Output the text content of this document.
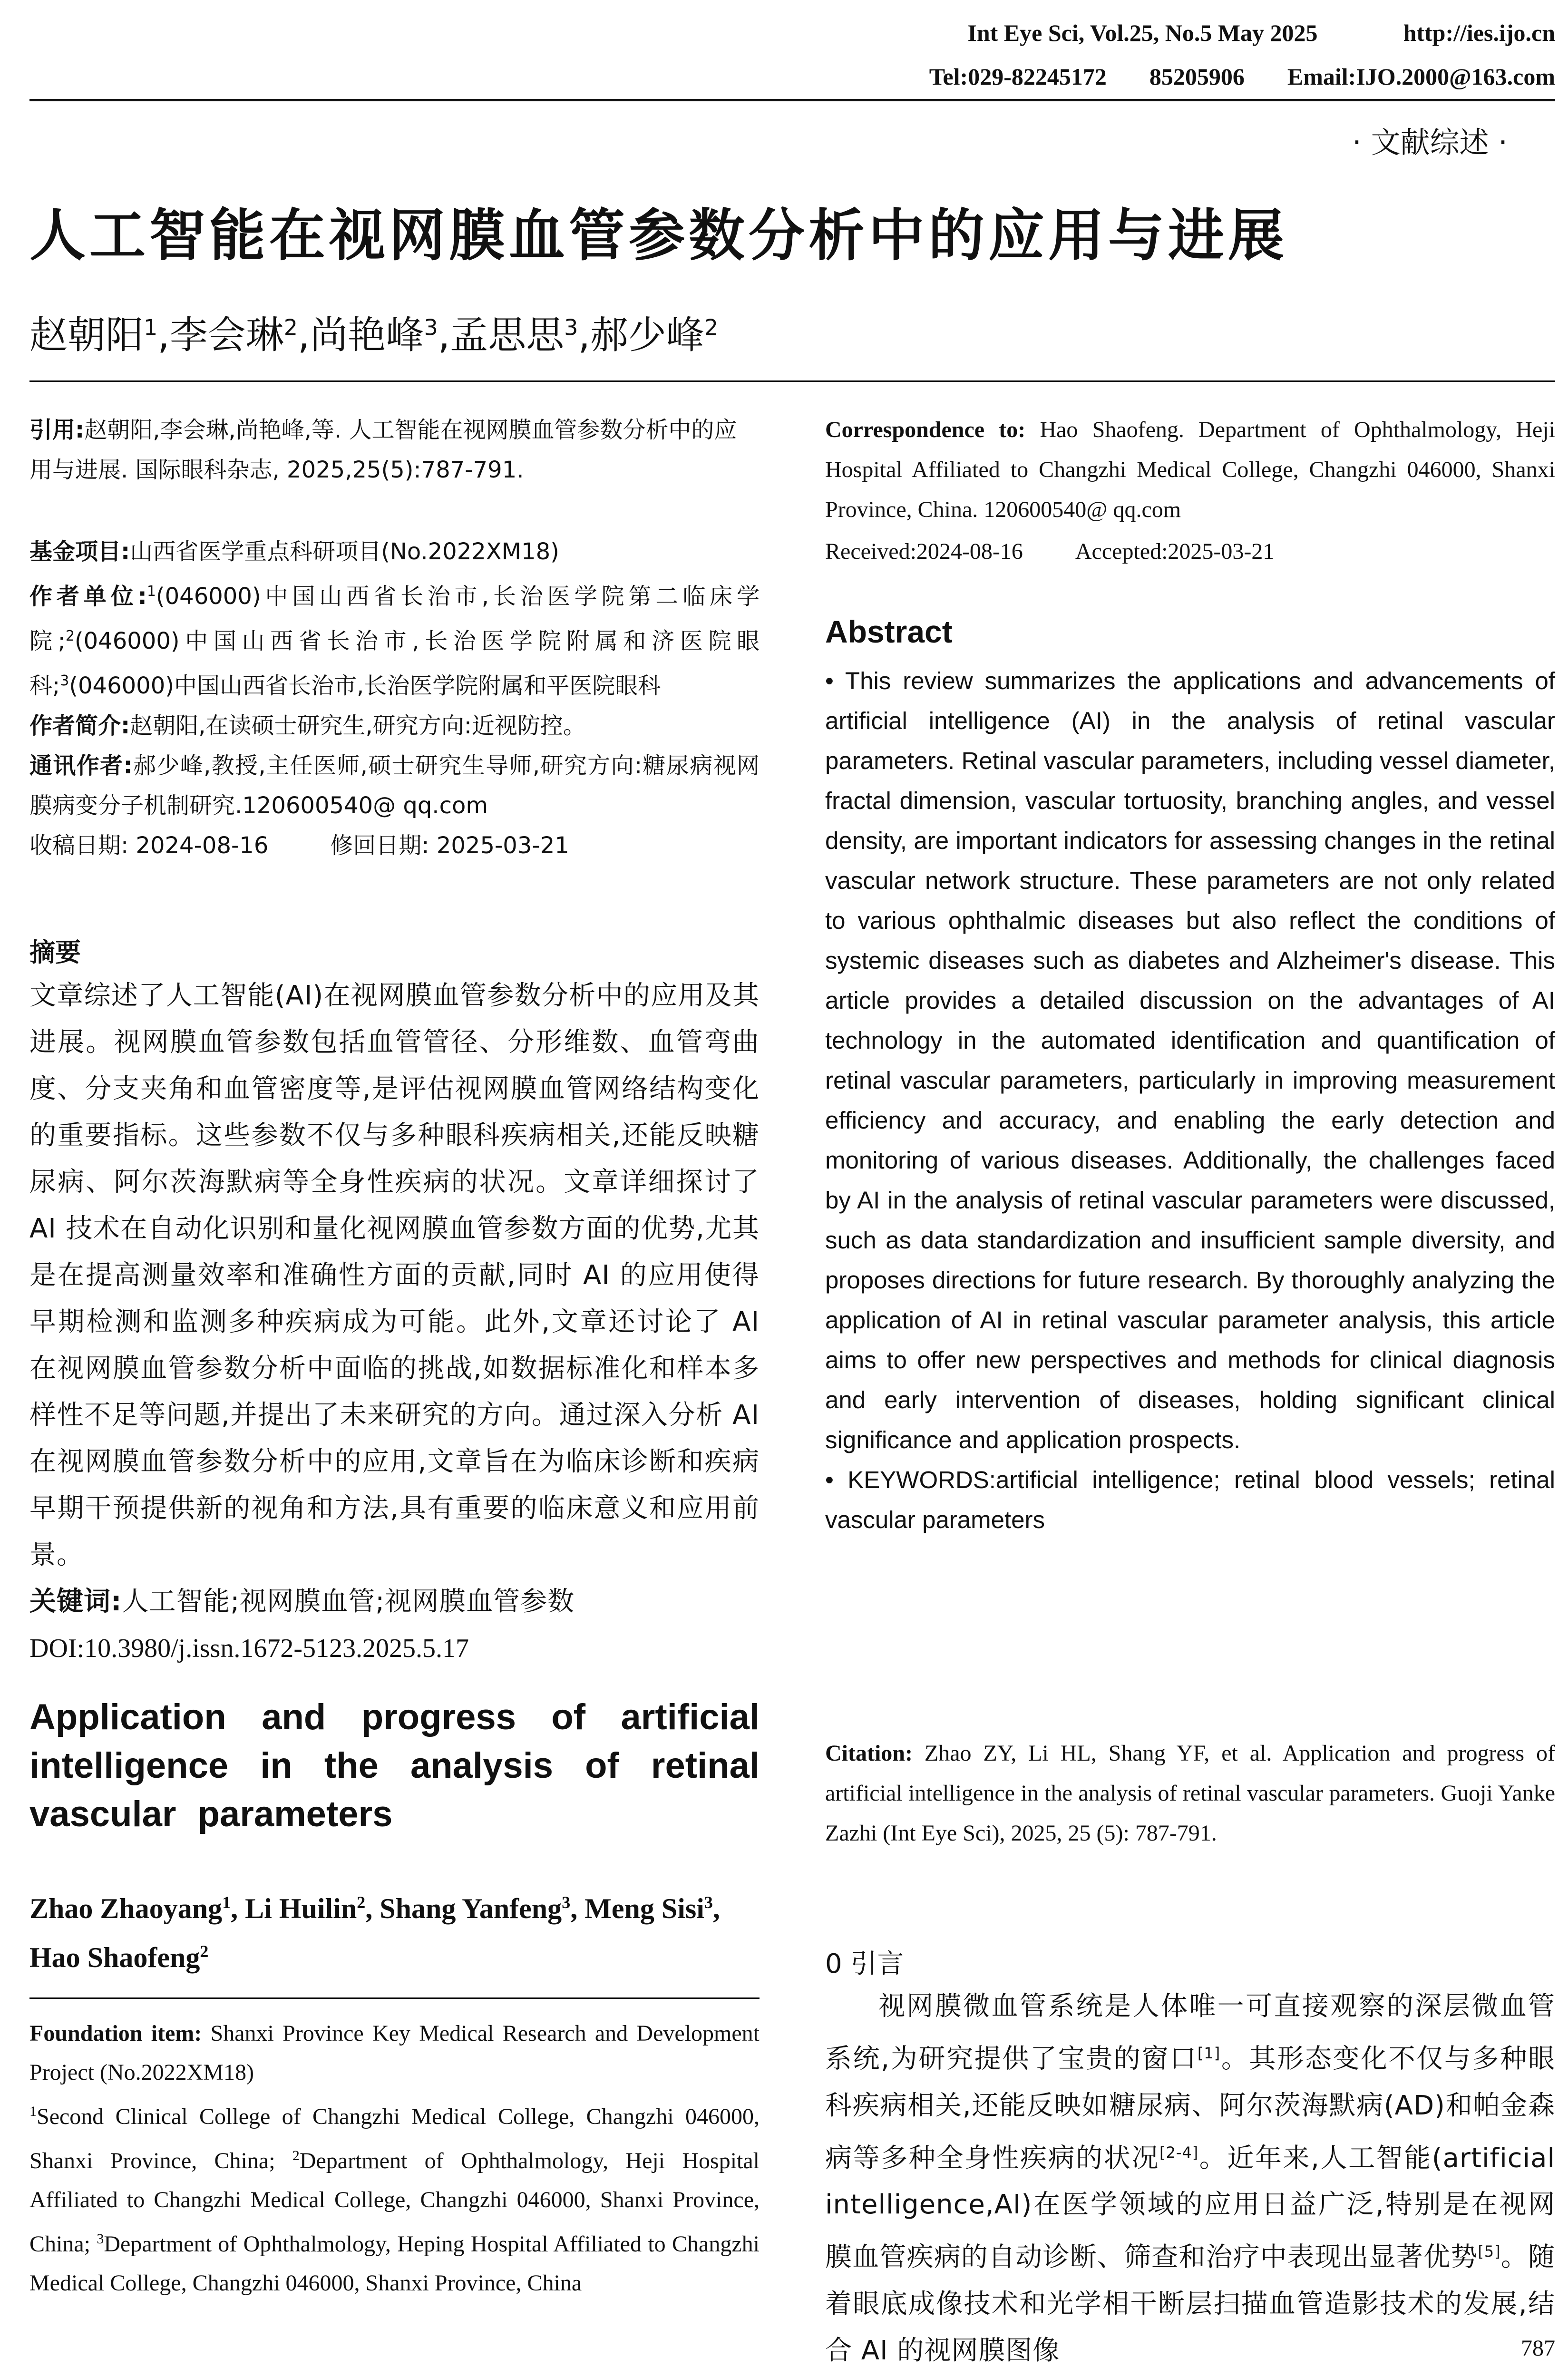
Int Eye Sci, Vol.25, No.5 May 2025	http://ies.ijo.cn
Tel:029-82245172 85205906 Email:IJO.2000@163.com
· 文献综述 ·
人工智能在视网膜血管参数分析中的应用与进展
赵朝阳$^1$,李会琳$^2$,尚艳峰$^3$,孟思思$^3$,郝少峰$^2$
引用:赵朝阳,李会琳,尚艳峰,等. 人工智能在视网膜血管参数分析中的应用与进展. 国际眼科杂志, 2025,25(5):787-791.

基金项目:山西省医学重点科研项目(No.2022XM18)

作者单位:$^1$(046000)中国山西省长治市,长治医学院第二临床学院;$^2$(046000)中国山西省长治市,长治医学院附属和济医院眼科;$^3$(046000)中国山西省长治市,长治医学院附属和平医院眼科

作者简介:赵朝阳,在读硕士研究生,研究方向:近视防控。

通讯作者:郝少峰,教授,主任医师,硕士研究生导师,研究方向:糖尿病视网膜病变分子机制研究.120600540@ qq.com

收稿日期: 2024-08-16	修回日期: 2025-03-21

摘要

文章综述了人工智能(AI)在视网膜血管参数分析中的应用及其进展。视网膜血管参数包括血管管径、分形维数、血管弯曲度、分支夹角和血管密度等,是评估视网膜血管网络结构变化的重要指标。这些参数不仅与多种眼科疾病相关,还能反映糖尿病、阿尔茨海默病等全身性疾病的状况。文章详细探讨了 AI 技术在自动化识别和量化视网膜血管参数方面的优势,尤其是在提高测量效率和准确性方面的贡献,同时 AI 的应用使得早期检测和监测多种疾病成为可能。此外,文章还讨论了 AI 在视网膜血管参数分析中面临的挑战,如数据标准化和样本多样性不足等问题,并提出了未来研究的方向。通过深入分析 AI 在视网膜血管参数分析中的应用,文章旨在为临床诊断和疾病早期干预提供新的视角和方法,具有重要的临床意义和应用前景。

关键词:人工智能;视网膜血管;视网膜血管参数

DOI:10.3980/j.issn.1672-5123.2025.5.17

Application and progress of artificial intelligence in the analysis of retinal vascular parameters
Zhao Zhaoyang$^1$, Li Huilin$^2$, Shang Yanfeng$^3$, Meng Sisi$^3$, Hao Shaofeng$^2$
Foundation item: Shanxi Province Key Medical Research and Development Project (No.2022XM18)
$^1$Second Clinical College of Changzhi Medical College, Changzhi 046000, Shanxi Province, China; $^2$Department of Ophthalmology, Heji Hospital Affiliated to Changzhi Medical College, Changzhi 046000, Shanxi Province, China; $^3$Department of Ophthalmology, Heping Hospital Affiliated to Changzhi Medical College, Changzhi 046000, Shanxi Province, China
Correspondence to: Hao Shaofeng. Department of Ophthalmology, Heji Hospital Affiliated to Changzhi Medical College, Changzhi 046000, Shanxi Province, China. 120600540@ qq.com
Received:2024-08-16 Accepted:2025-03-21
Abstract

• This review summarizes the applications and advancements of artificial intelligence (AI) in the analysis of retinal vascular parameters. Retinal vascular parameters, including vessel diameter, fractal dimension, vascular tortuosity, branching angles, and vessel density, are important indicators for assessing changes in the retinal vascular network structure. These parameters are not only related to various ophthalmic diseases but also reflect the conditions of systemic diseases such as diabetes and Alzheimer's disease. This article provides a detailed discussion on the advantages of AI technology in the automated identification and quantification of retinal vascular parameters, particularly in improving measurement efficiency and accuracy, and enabling the early detection and monitoring of various diseases. Additionally, the challenges faced by AI in the analysis of retinal vascular parameters were discussed, such as data standardization and insufficient sample diversity, and proposes directions for future research. By thoroughly analyzing the application of AI in retinal vascular parameter analysis, this article aims to offer new perspectives and methods for clinical diagnosis and early intervention of diseases, holding significant clinical significance and application prospects.

• KEYWORDS:artificial intelligence; retinal blood vessels; retinal vascular parameters

Citation: Zhao ZY, Li HL, Shang YF, et al. Application and progress of artificial intelligence in the analysis of retinal vascular parameters. Guoji Yanke Zazhi (Int Eye Sci), 2025, 25 (5): 787-791.
0 引言
视网膜微血管系统是人体唯一可直接观察的深层微血管系统,为研究提供了宝贵的窗口[1]。其形态变化不仅与多种眼科疾病相关,还能反映如糖尿病、阿尔茨海默病(AD)和帕金森病等多种全身性疾病的状况[2-4]。近年来,人工智能(artificial intelligence,AI)在医学领域的应用日益广泛,特别是在视网膜血管疾病的自动诊断、筛查和治疗中表现出显著优势[5]。随着眼底成像技术和光学相干断层扫描血管造影技术的发展,结合 AI 的视网膜图像	787
